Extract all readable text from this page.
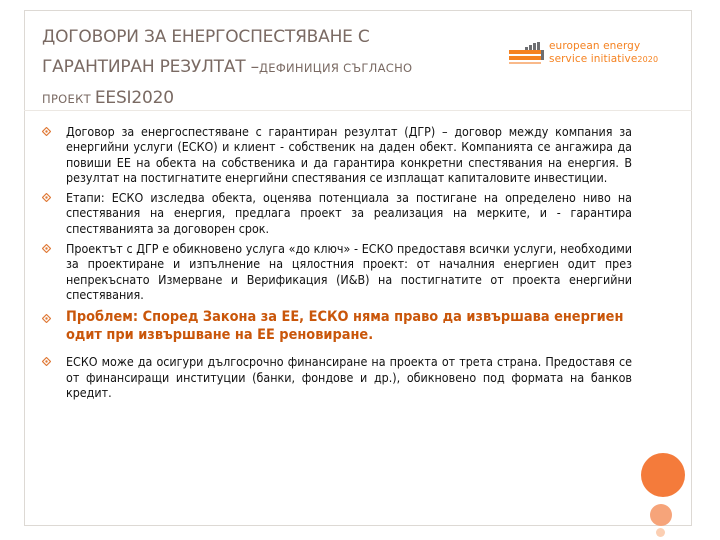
ДОГОВОРИ ЗА ЕНЕРГОСПЕСТЯВАНЕ С
ГАРАНТИРАН РЕЗУЛТАТ –ДЕФИНИЦИЯ СЪГЛАСНО
ПРОЕКТ EESI2020
european energy
service initiative2020
Договор за енергоспестяване с гарантиран резултат (ДГР) – договор между компания за енергийни услуги (ЕСКО) и клиент - собственик на даден обект. Компанията се ангажира да повиши ЕЕ на обекта на собственика и да гарантира конкретни спестявания на енергия. В резултат на постигнатите енергийни спестявания се изплащат капиталовите инвестиции.
Етапи: ЕСКО изследва обекта, оценява потенциала за постигане на определено ниво на спестявания на енергия, предлага проект за реализация на мерките, и - гарантира спестяванията за договорен срок.
Проектът с ДГР е обикновено услуга «до ключ» - ЕСКО предоставя всички услуги, необходими за проектиране и изпълнение на цялостния проект: от началния енергиен одит през непрекъснато Измерване и Верификация (И&В) на постигнатите от проекта енергийни спестявания.
Проблем: Според Закона за ЕЕ, ЕСКО няма право да извършава енергиен одит при извършване на ЕЕ реновиране.
ЕСКО може да осигури дългосрочно финансиране на проекта от трета страна. Предоставя се от финансиращи институции (банки, фондове и др.), обикновено под формата на банков кредит.
